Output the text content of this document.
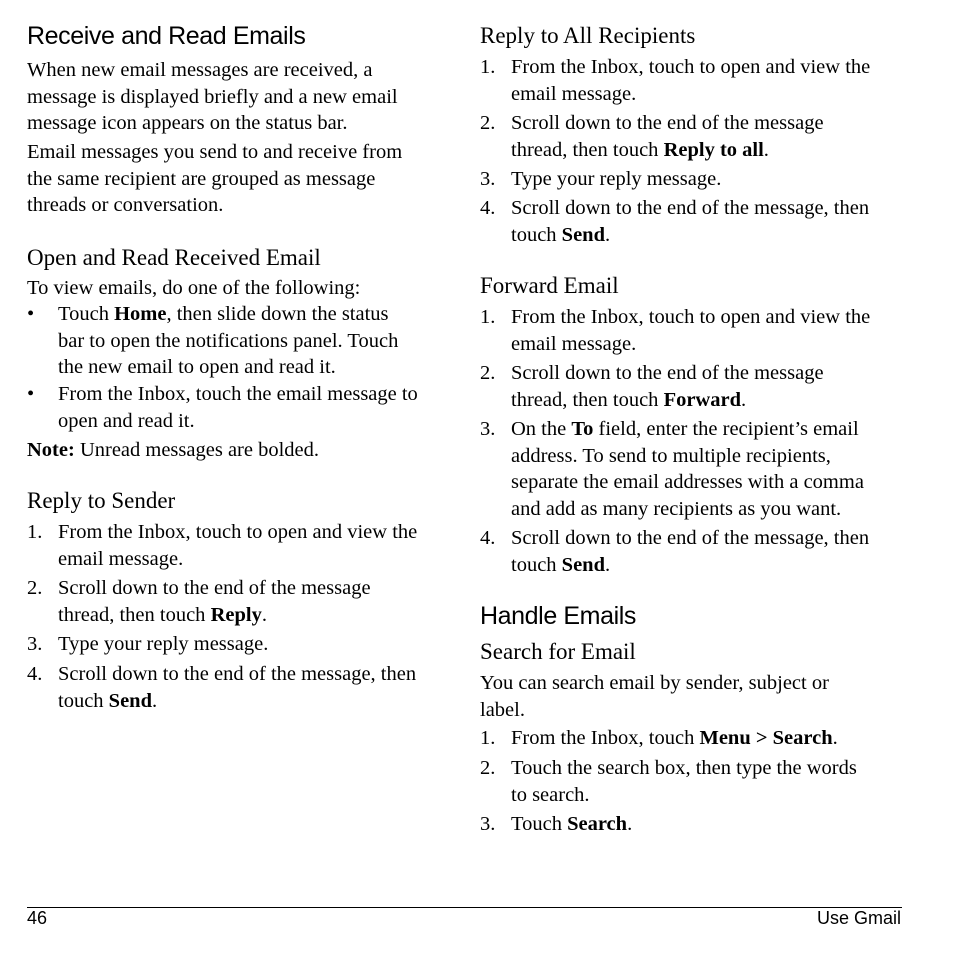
Receive and Read Emails
When new email messages are received, a
message is displayed briefly and a new email
message icon appears on the status bar.
Email messages you send to and receive from
the same recipient are grouped as message
threads or conversation.
Open and Read Received Email
To view emails, do one of the following:
• Touch Home, then slide down the status
bar to open the notifications panel. Touch
the new email to open and read it.
• From the Inbox, touch the email message to
open and read it.
Note: Unread messages are bolded.
Reply to Sender
1. From the Inbox, touch to open and view the
email message.
2. Scroll down to the end of the message
thread, then touch Reply.
3. Type your reply message.
4. Scroll down to the end of the message, then
touch Send.
Reply to All Recipients
1. From the Inbox, touch to open and view the
email message.
2. Scroll down to the end of the message
thread, then touch Reply to all.
3. Type your reply message.
4. Scroll down to the end of the message, then
touch Send.
Forward Email
1. From the Inbox, touch to open and view the
email message.
2. Scroll down to the end of the message
thread, then touch Forward.
3. On the To field, enter the recipient’s email
address. To send to multiple recipients,
separate the email addresses with a comma
and add as many recipients as you want.
4. Scroll down to the end of the message, then
touch Send.
Handle Emails
Search for Email
You can search email by sender, subject or
label.
1. From the Inbox, touch Menu > Search.
2. Touch the search box, then type the words
to search.
3. Touch Search.
46	Use Gmail
